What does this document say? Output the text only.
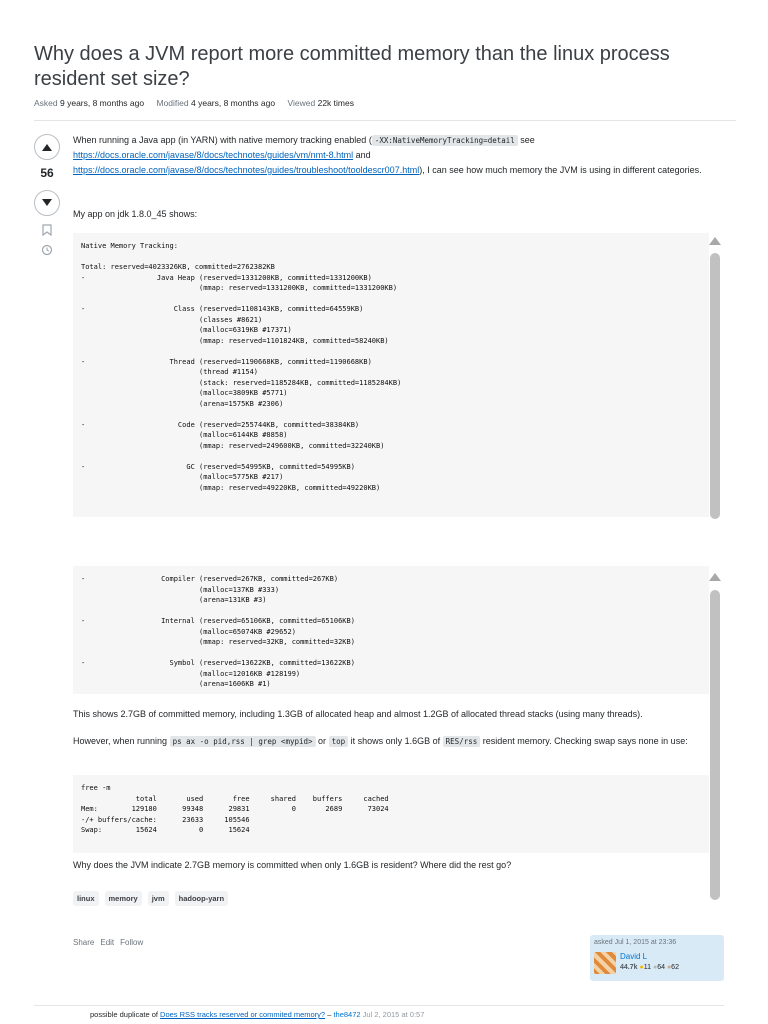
Why does a JVM report more committed memory than the linux process resident set size?
Asked 9 years, 8 months ago Modified 4 years, 8 months ago Viewed 22k times
56

When running a Java app (in YARN) with native memory tracking enabled ( -XX:NativeMemoryTracking=detail see https://docs.oracle.com/javase/8/docs/technotes/guides/vm/nmt-8.html and https://docs.oracle.com/javase/8/docs/technotes/guides/troubleshoot/tooldescr007.html), I can see how much memory the JVM is using in different categories.

My app on jdk 1.8.0_45 shows:
Native Memory Tracking:

Total: reserved=4023326KB, committed=2762382KB
-                 Java Heap (reserved=1331200KB, committed=1331200KB)
(mmap: reserved=1331200KB, committed=1331200KB)

-                     Class (reserved=1108143KB, committed=64559KB)
(classes #8621)
(malloc=6319KB #17371)
(mmap: reserved=1101824KB, committed=58240KB)

-                    Thread (reserved=1190668KB, committed=1190668KB)
(thread #1154)
(stack: reserved=1185284KB, committed=1185284KB)
(malloc=3809KB #5771)
(arena=1575KB #2306)

-                      Code (reserved=255744KB, committed=38384KB)
(malloc=6144KB #8858)
(mmap: reserved=249600KB, committed=32240KB)

-                        GC (reserved=54995KB, committed=54995KB)
(malloc=5775KB #217)
(mmap: reserved=49220KB, committed=49220KB)
-                  Compiler (reserved=267KB, committed=267KB)
(malloc=137KB #333)
(arena=131KB #3)

-                  Internal (reserved=65106KB, committed=65106KB)
(malloc=65074KB #29652)
(mmap: reserved=32KB, committed=32KB)

-                    Symbol (reserved=13622KB, committed=13622KB)
(malloc=12016KB #128199)
(arena=1606KB #1)
This shows 2.7GB of committed memory, including 1.3GB of allocated heap and almost 1.2GB of allocated thread stacks (using many threads).
However, when running ps ax -o pid,rss | grep <mypid> or top it shows only 1.6GB of RES/rss resident memory. Checking swap says none in use:
free -m
total       used       free     shared    buffers     cached
Mem:        129180      99348      29831          0       2689      73024
-/+ buffers/cache:      23633     105546
Swap:        15624          0      15624
Why does the JVM indicate 2.7GB memory is committed when only 1.6GB is resident? Where did the rest go?
linux	memory	jvm	hadoop-yarn
Share Edit Follow	asked Jul 1, 2015 at 23:36
David L
44.7k ●11 ●64 ●62
possible duplicate of Does RSS tracks reserved or commited memory? – the8472 Jul 2, 2015 at 0:57
